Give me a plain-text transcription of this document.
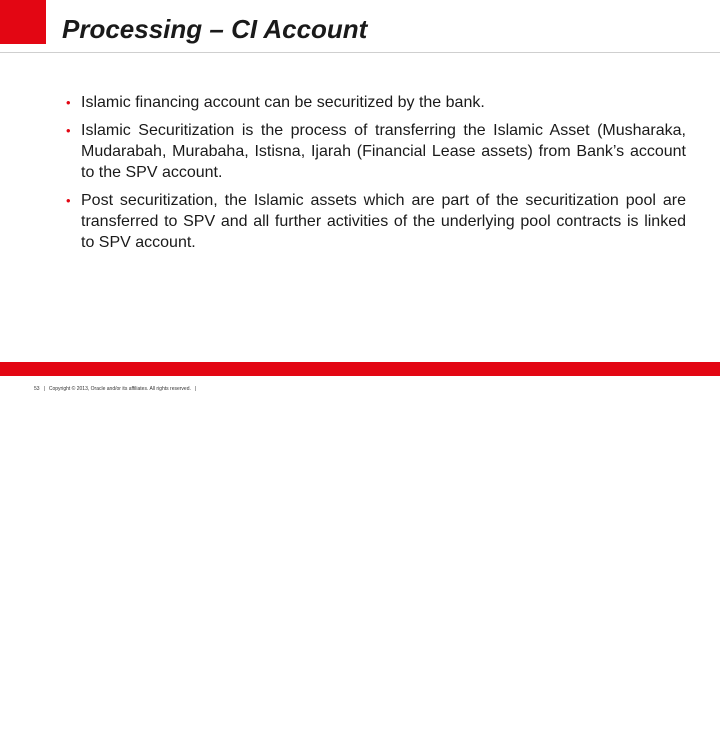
Processing – CI Account
• Islamic financing account can be securitized by the bank.
• Islamic Securitization is the process of transferring the Islamic Asset (Musharaka, Mudarabah, Murabaha, Istisna, Ijarah (Financial Lease assets) from Bank’s account to the SPV account.
• Post securitization, the Islamic assets which are part of the securitization pool are transferred to SPV and all further activities of the underlying pool contracts is linked to SPV account.
ORACLE
53 | Copyright © 2013, Oracle and/or its affiliates. All rights reserved. |
